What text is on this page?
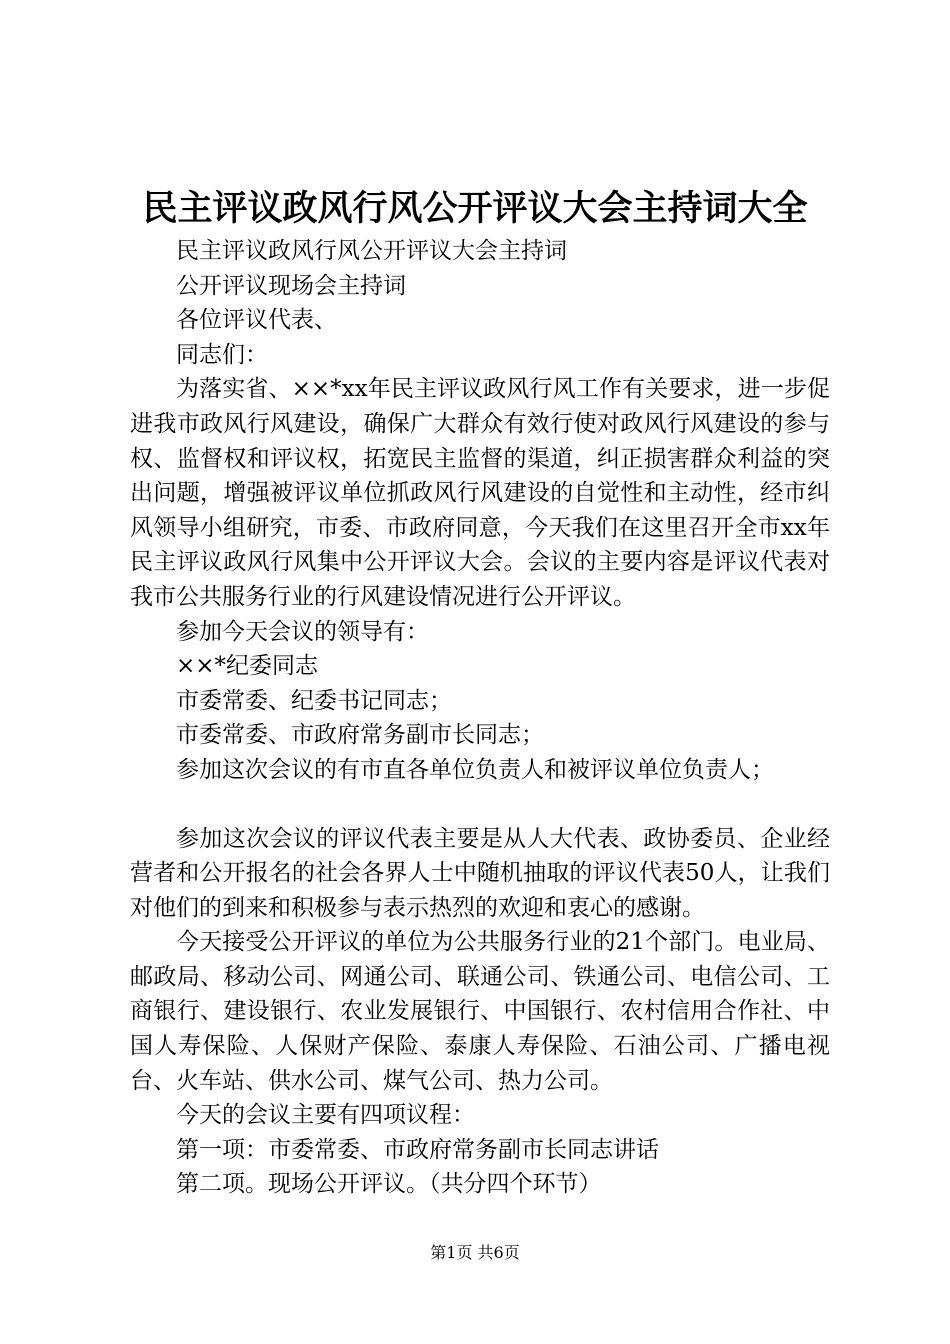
民主评议政风行风公开评议大会主持词大全

民主评议政风行风公开评议大会主持词

公开评议现场会主持词

各位评议代表、

同志们：

为落实省、××*xx年民主评议政风行风工作有关要求，进一步促进我市政风行风建设，确保广大群众有效行使对政风行风建设的参与权、监督权和评议权，拓宽民主监督的渠道，纠正损害群众利益的突出问题，增强被评议单位抓政风行风建设的自觉性和主动性，经市纠风领导小组研究，市委、市政府同意，今天我们在这里召开全市xx年民主评议政风行风集中公开评议大会。会议的主要内容是评议代表对我市公共服务行业的行风建设情况进行公开评议。

参加今天会议的领导有：

××*纪委同志

市委常委、纪委书记同志；

市委常委、市政府常务副市长同志；

参加这次会议的有市直各单位负责人和被评议单位负责人；

参加这次会议的评议代表主要是从人大代表、政协委员、企业经营者和公开报名的社会各界人士中随机抽取的评议代表50人，让我们对他们的到来和积极参与表示热烈的欢迎和衷心的感谢。

今天接受公开评议的单位为公共服务行业的21个部门。电业局、邮政局、移动公司、网通公司、联通公司、铁通公司、电信公司、工商银行、建设银行、农业发展银行、中国银行、农村信用合作社、中国人寿保险、人保财产保险、泰康人寿保险、石油公司、广播电视台、火车站、供水公司、煤气公司、热力公司。

今天的会议主要有四项议程：

第一项：市委常委、市政府常务副市长同志讲话

第二项。现场公开评议。（共分四个环节）

第1页 共6页
